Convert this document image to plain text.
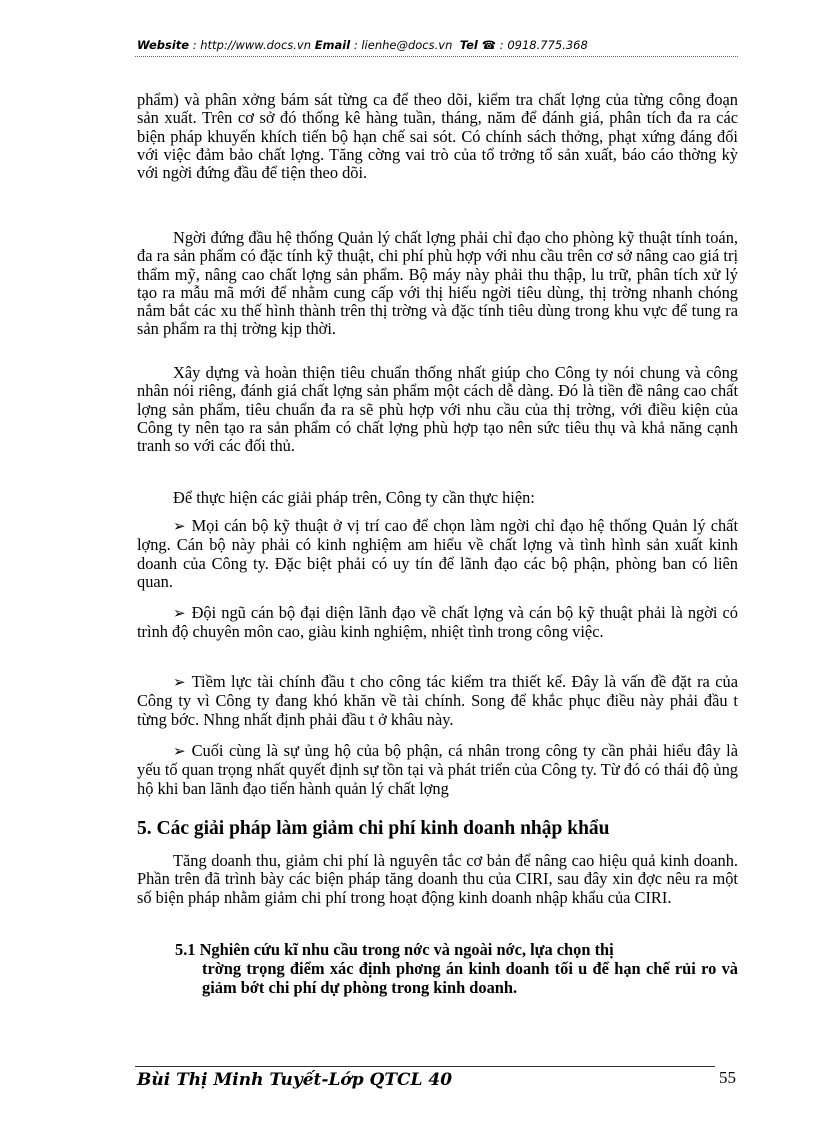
Website : http://www.docs.vn Email : lienhe@docs.vn Tel ☎ : 0918.775.368
phẩm) và phân xởng bám sát từng ca để theo dõi, kiểm tra chất lợng của từng công đoạn sản xuất. Trên cơ sở đó thống kê hàng tuần, tháng, năm để đánh giá, phân tích đa ra các biện pháp khuyến khích tiến bộ hạn chế sai sót. Có chính sách thởng, phạt xứng đáng đối với việc đảm bảo chất lợng. Tăng cờng vai trò của tổ trởng tổ sản xuất, báo cáo thờng kỳ với ngời đứng đầu để tiện theo dõi.
Ngời đứng đầu hệ thống Quản lý chất lợng phải chỉ đạo cho phòng kỹ thuật tính toán, đa ra sản phẩm có đặc tính kỹ thuật, chi phí phù hợp với nhu cầu trên cơ sở nâng cao giá trị thẩm mỹ, nâng cao chất lợng sản phẩm. Bộ máy này phải thu thập, lu trữ, phân tích xử lý tạo ra mẫu mã mới để nhằm cung cấp với thị hiếu ngời tiêu dùng, thị trờng nhanh chóng nắm bắt các xu thế hình thành trên thị trờng và đặc tính tiêu dùng trong khu vực để tung ra sản phẩm ra thị trờng kịp thời.
Xây dựng và hoàn thiện tiêu chuẩn thống nhất giúp cho Công ty nói chung và công nhân nói riêng, đánh giá chất lợng sản phẩm một cách dễ dàng. Đó là tiền đề nâng cao chất lợng sản phẩm, tiêu chuẩn đa ra sẽ phù hợp với nhu cầu của thị trờng, với điều kiện của Công ty nên tạo ra sản phẩm có chất lợng phù hợp tạo nên sức tiêu thụ và khả năng cạnh tranh so với các đối thủ.
Để thực hiện các giải pháp trên, Công ty cần thực hiện:
➢ Mọi cán bộ kỹ thuật ở vị trí cao để chọn làm ngời chỉ đạo hệ thống Quản lý chất lợng. Cán bộ này phải có kinh nghiệm am hiểu về chất lợng và tình hình sản xuất kinh doanh của Công ty. Đặc biệt phải có uy tín để lãnh đạo các bộ phận, phòng ban có liên quan.
➢ Đội ngũ cán bộ đại diện lãnh đạo về chất lợng và cán bộ kỹ thuật phải là ngời có trình độ chuyên môn cao, giàu kinh nghiệm, nhiệt tình trong công việc.
➢ Tiềm lực tài chính đầu t cho công tác kiểm tra thiết kế. Đây là vấn đề đặt ra của Công ty vì Công ty đang khó khăn về tài chính. Song để khắc phục điều này phải đầu t từng bớc. Nhng nhất định phải đầu t ở khâu này.
➢ Cuối cùng là sự ủng hộ của bộ phận, cá nhân trong công ty cần phải hiểu đây là yếu tố quan trọng nhất quyết định sự tồn tại và phát triển của Công ty. Từ đó có thái độ ủng hộ khi ban lãnh đạo tiến hành quản lý chất lợng
5. Các giải pháp làm giảm chi phí kinh doanh nhập khẩu
Tăng doanh thu, giảm chi phí là nguyên tắc cơ bản để nâng cao hiệu quả kinh doanh. Phần trên đã trình bày các biện pháp tăng doanh thu của CIRI, sau đây xin đợc nêu ra một số biện pháp nhằm giảm chi phí trong hoạt động kinh doanh nhập khẩu của CIRI.
5.1 Nghiên cứu kĩ nhu cầu trong nớc và ngoài nớc, lựa chọn thị
trờng trọng điểm xác định phơng án kinh doanh tối u để hạn chế rủi ro và giảm bớt chi phí dự phòng trong kinh doanh.
Bùi Thị Minh Tuyết-Lớp QTCL 40	55
